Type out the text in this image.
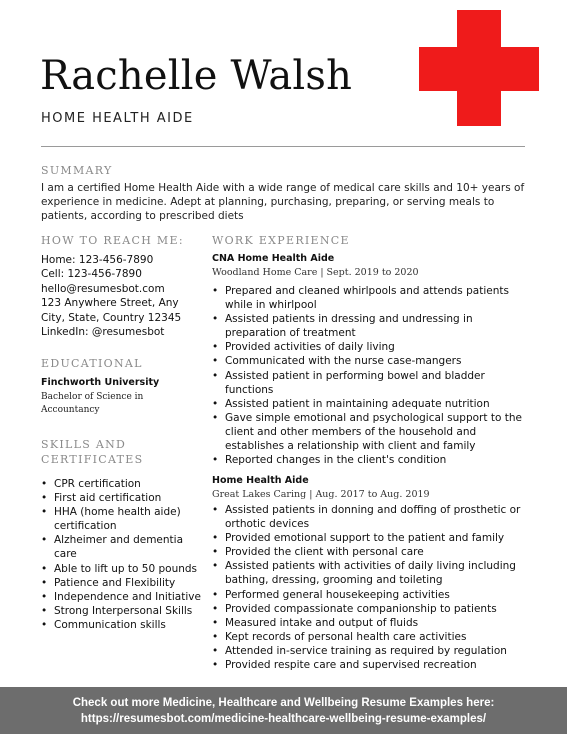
Rachelle Walsh
HOME HEALTH AIDE
SUMMARY
I am a certified Home Health Aide with a wide range of medical care skills and 10+ years of experience in medicine. Adept at planning, purchasing, preparing, or serving meals to patients, according to prescribed diets
HOW TO REACH ME:
Home: 123-456-7890
Cell: 123-456-7890
hello@resumesbot.com
123 Anywhere Street, Any
City, State, Country 12345
LinkedIn: @resumesbot
EDUCATIONAL
Finchworth University
Bachelor of Science in Accountancy
SKILLS AND
CERTIFICATES
• CPR certification
• First aid certification
• HHA (home health aide) certification
• Alzheimer and dementia care
• Able to lift up to 50 pounds
• Patience and Flexibility
• Independence and Initiative
• Strong Interpersonal Skills
• Communication skills
WORK EXPERIENCE
CNA Home Health Aide
Woodland Home Care | Sept. 2019 to 2020
• Prepared and cleaned whirlpools and attends patients while in whirlpool
• Assisted patients in dressing and undressing in preparation of treatment
• Provided activities of daily living
• Communicated with the nurse case-mangers
• Assisted patient in performing bowel and bladder functions
• Assisted patient in maintaining adequate nutrition
• Gave simple emotional and psychological support to the client and other members of the household and establishes a relationship with client and family
• Reported changes in the client's condition
Home Health Aide
Great Lakes Caring | Aug. 2017 to Aug. 2019
• Assisted patients in donning and doffing of prosthetic or orthotic devices
• Provided emotional support to the patient and family
• Provided the client with personal care
• Assisted patients with activities of daily living including bathing, dressing, grooming and toileting
• Performed general housekeeping activities
• Provided compassionate companionship to patients
• Measured intake and output of fluids
• Kept records of personal health care activities
• Attended in-service training as required by regulation
• Provided respite care and supervised recreation
Check out more Medicine, Healthcare and Wellbeing Resume Examples here:
https://resumesbot.com/medicine-healthcare-wellbeing-resume-examples/
